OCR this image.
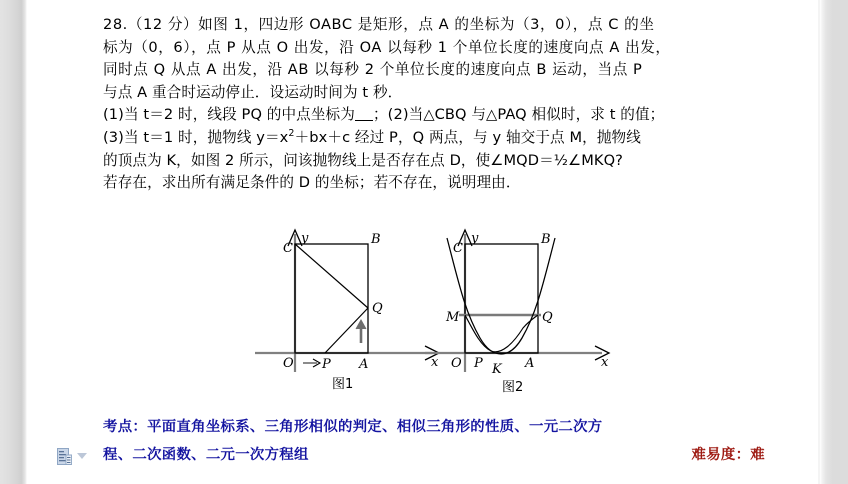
28.（12 分）如图 1，四边形 OABC 是矩形，点 A 的坐标为（3，0），点 C 的坐
标为（0，6），点 P 从点 O 出发，沿 OA 以每秒 1 个单位长度的速度向点 A 出发，
同时点 Q 从点 A 出发，沿 AB 以每秒 2 个单位长度的速度向点 B 运动，当点 P
与点 A 重合时运动停止．设运动时间为 t 秒．
(1)当 t＝2 时，线段 PQ 的中点坐标为 ；(2)当△CBQ 与△PAQ 相似时，求 t 的值；
(3)当 t＝1 时，抛物线 $y=x^2+bx+c$ 经过 P，Q 两点，与 y 轴交于点 M，抛物线
的顶点为 K，如图 2 所示，问该抛物线上是否存在点 D，使∠MQD＝½∠MKQ?
若存在，求出所有满足条件的 D 的坐标；若不存在，说明理由．
C
B
Q
O P A	x
y
图1
C
B
M	Q
O P K A	x
y
图2
考点：平面直角坐标系、三角形相似的判定、相似三角形的性质、一元二次方
程、二次函数、二元一次方程组	难易度：难
